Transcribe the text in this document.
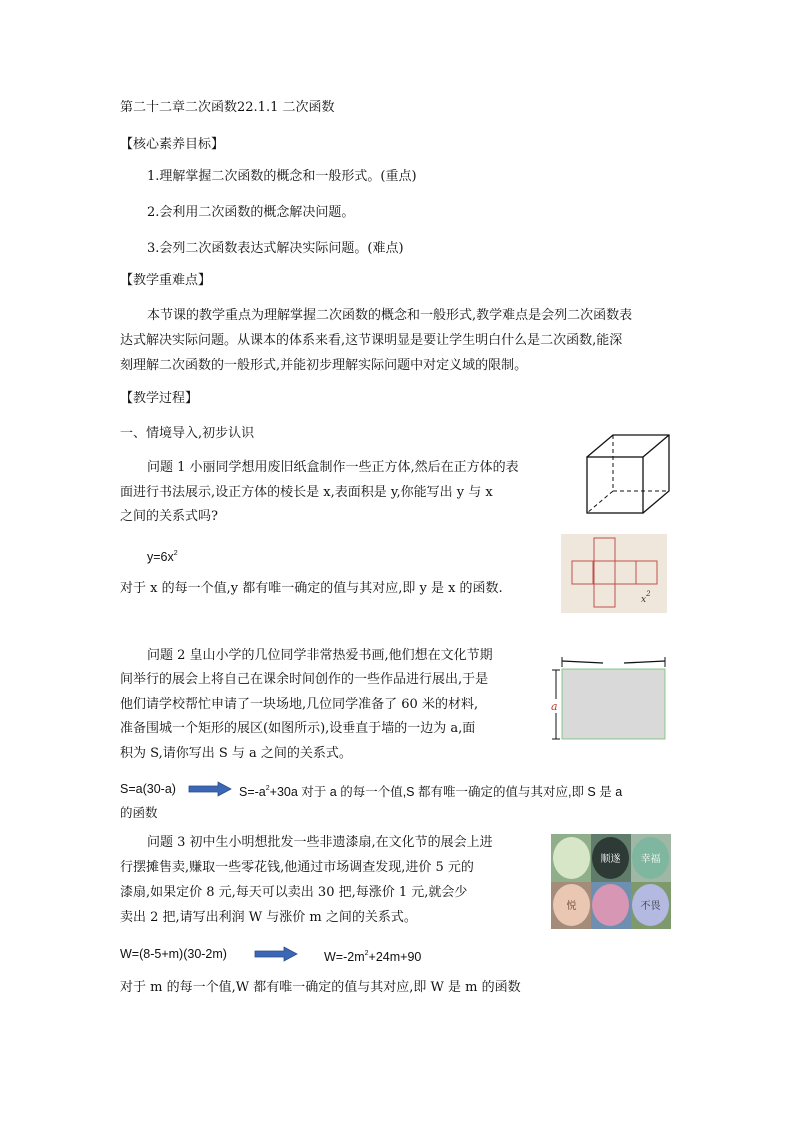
第二十二章二次函数22.1.1 二次函数
【核心素养目标】
1.理解掌握二次函数的概念和一般形式。(重点)
2.会利用二次函数的概念解决问题。
3.会列二次函数表达式解决实际问题。(难点)
【教学重难点】
本节课的教学重点为理解掌握二次函数的概念和一般形式,教学难点是会列二次函数表
达式解决实际问题。从课本的体系来看,这节课明显是要让学生明白什么是二次函数,能深
刻理解二次函数的一般形式,并能初步理解实际问题中对定义域的限制。
【教学过程】
一、情境导入,初步认识
问题 1 小丽同学想用废旧纸盒制作一些正方体,然后在正方体的表
面进行书法展示,设正方体的棱长是 x,表面积是 y,你能写出 y 与 x
之间的关系式吗?
$y=6x^2$
对于 x 的每一个值,y 都有唯一确定的值与其对应,即 y 是 x 的函数.
$x^2$
问题 2 皇山小学的几位同学非常热爱书画,他们想在文化节期
间举行的展会上将自己在课余时间创作的一些作品进行展出,于是
他们请学校帮忙申请了一块场地,几位同学准备了 60 米的材料,
准备围城一个矩形的展区(如图所示),设垂直于墙的一边为 a,面
积为 S,请你写出 S 与 a 之间的关系式。
S=a(30-a)	$S=-a^2+30a$ 对于 a 的每一个值,S 都有唯一确定的值与其对应,即 S 是 a
的函数
a
问题 3 初中生小明想批发一些非遗漆扇,在文化节的展会上进
行摆摊售卖,赚取一些零花钱,他通过市场调查发现,进价 5 元的
漆扇,如果定价 8 元,每天可以卖出 30 把,每涨价 1 元,就会少
卖出 2 把,请写出利润 W 与涨价 m 之间的关系式。
W=(8-5+m)(30-2m)	$W=-2m^2+24m+90$
对于 m 的每一个值,W 都有唯一确定的值与其对应,即 W 是 m 的函数
顺遂	幸福
悦	不畏
